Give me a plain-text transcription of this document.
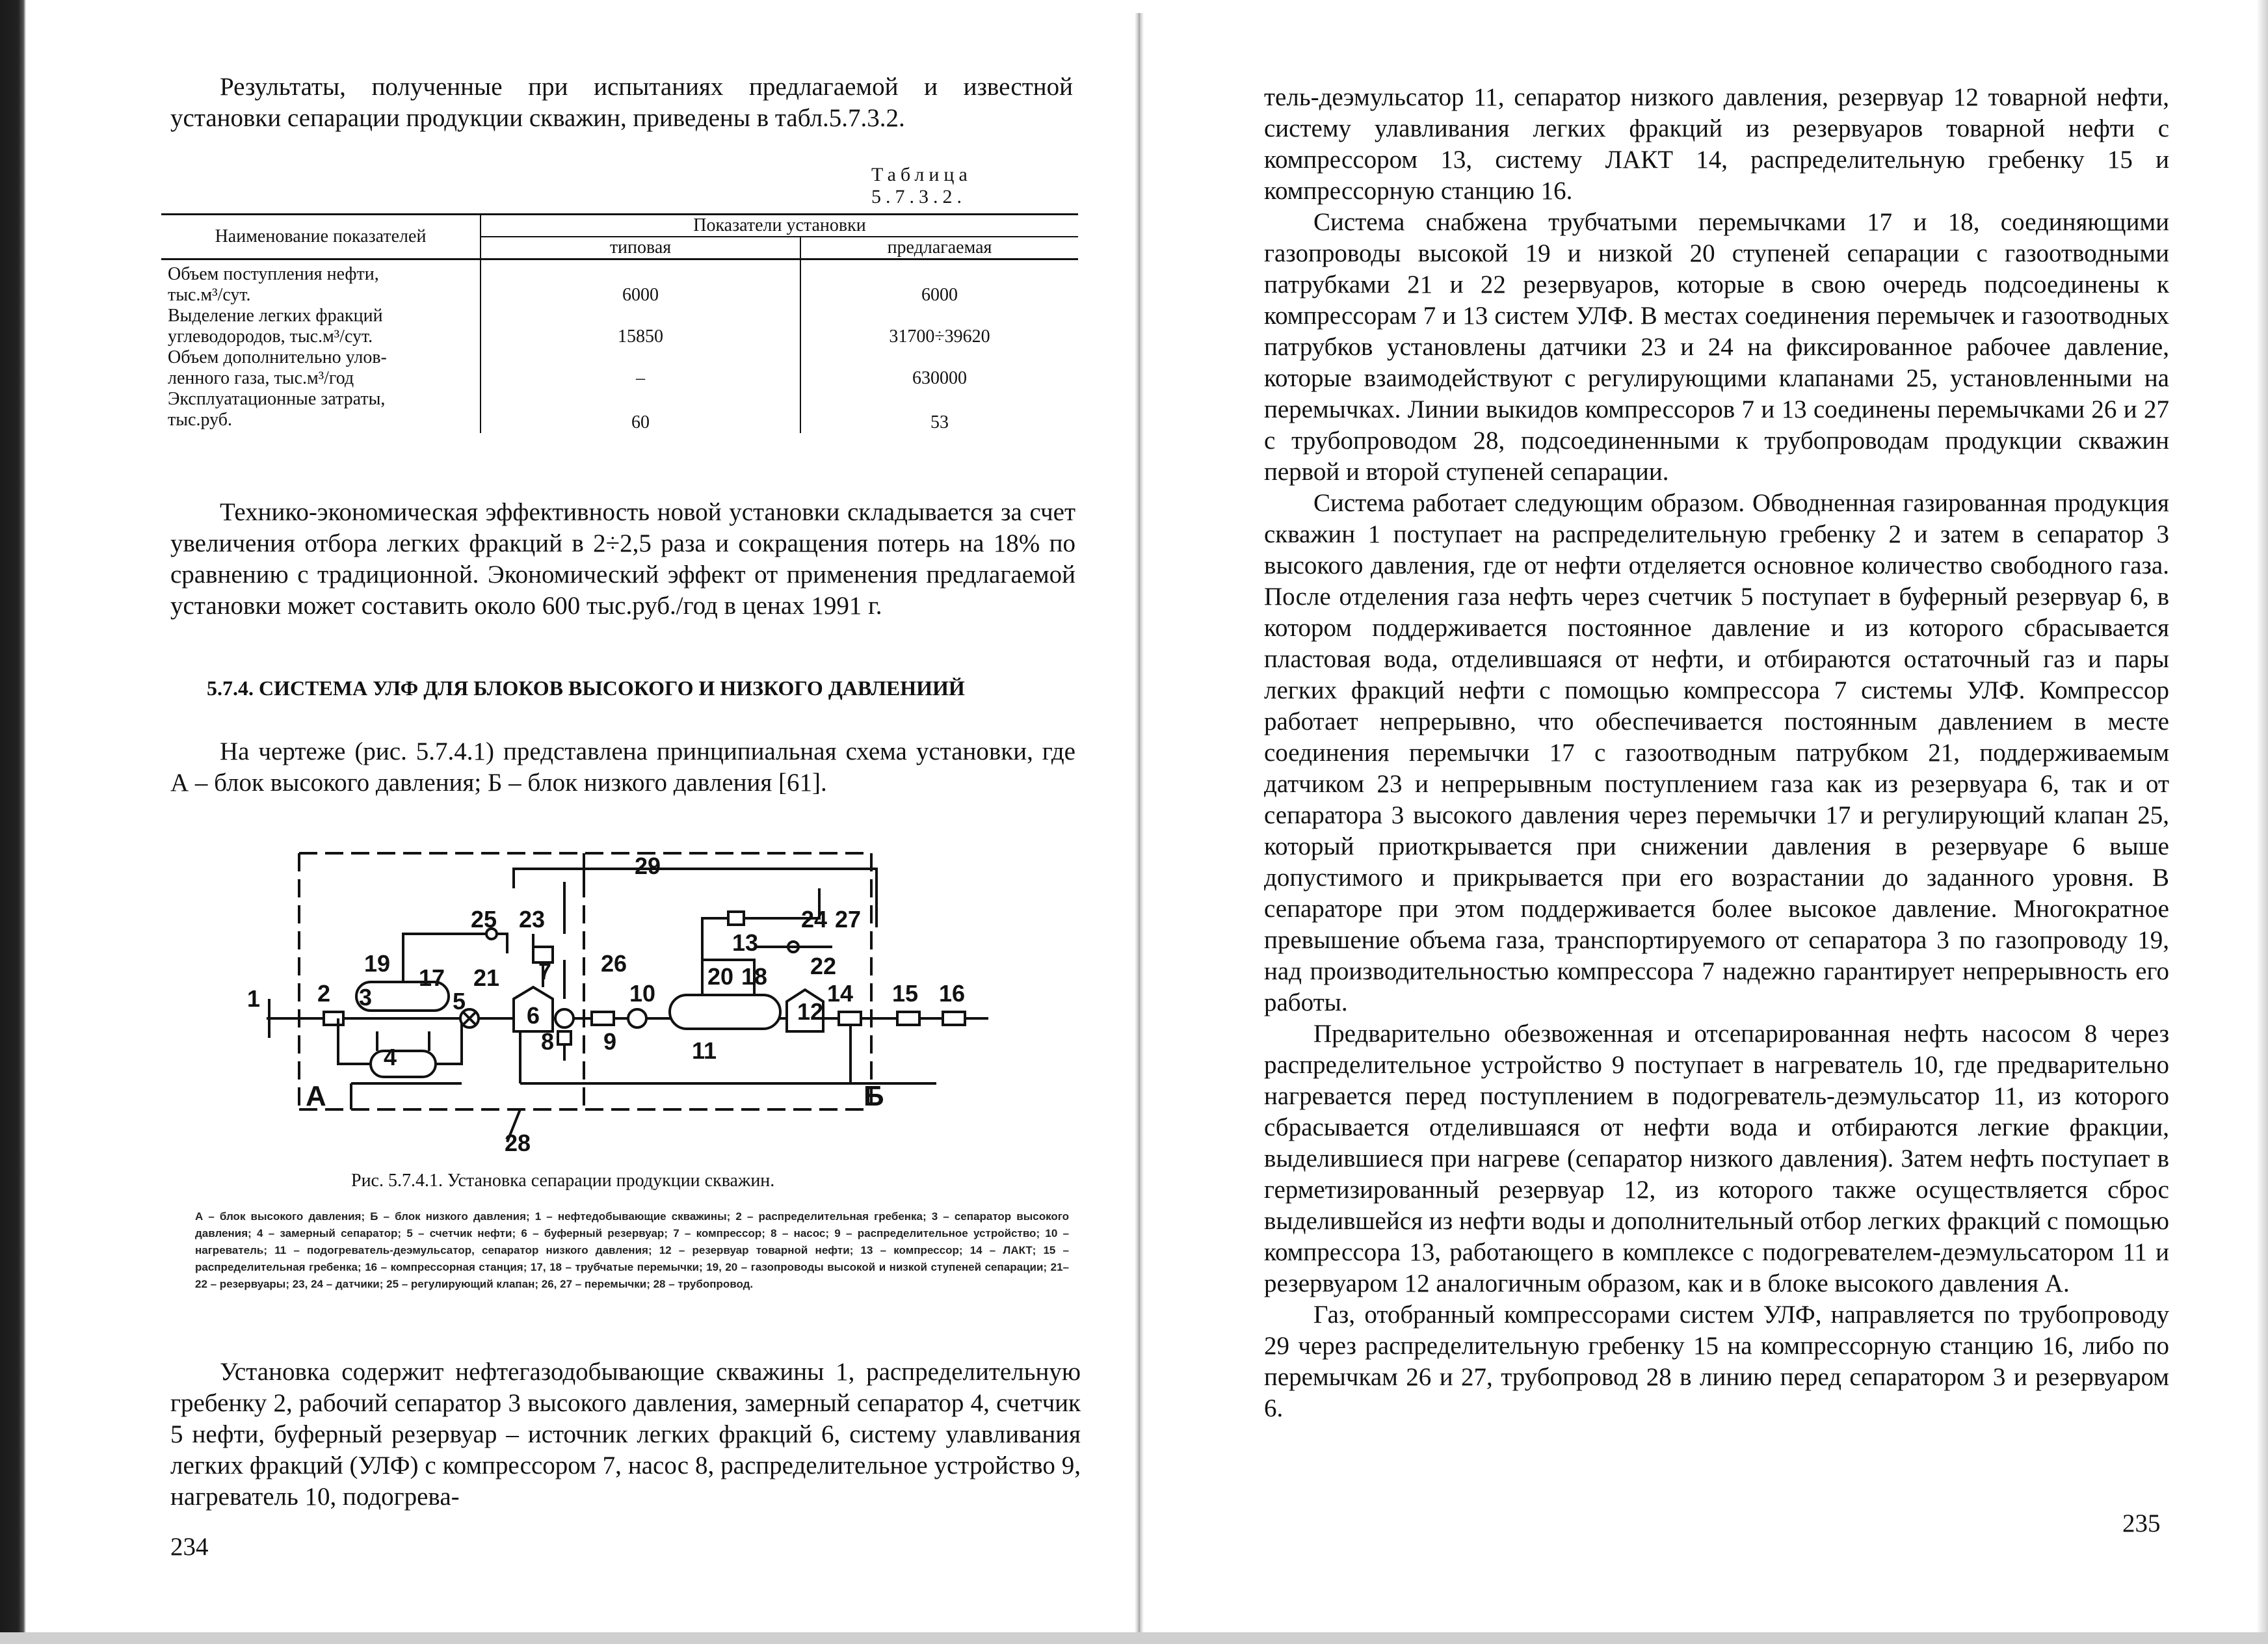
Результаты, полученные при испытаниях предлагаемой и известной установки сепарации продукции скважин, приведены в табл.5.7.3.2.

Таблица 5.7.3.2.
Наименование показателей	Показатели установки	
	типовая	предлагаемая
Объем поступления нефти,
тыс.м³/сут.	6000	6000
Выделение легких фракций
углеводородов, тыс.м³/сут.	15850	31700÷39620
Объем дополнительно улов-
ленного газа, тыс.м³/год	–	630000
Эксплуатационные затраты,
тыс.руб.	60	53

Технико-экономическая эффективность новой установки складывается за счет увеличения отбора легких фракций в 2÷2,5 раза и сокращения потерь на 18% по сравнению с традиционной. Экономический эффект от применения предлагаемой установки может составить около 600 тыс.руб./год в ценах 1991 г.

5.7.4. СИСТЕМА УЛФ ДЛЯ БЛОКОВ ВЫСОКОГО И НИЗКОГО ДАВЛЕНИИЙ

На чертеже (рис. 5.7.4.1) представлена принципиальная схема установки, где А – блок высокого давления; Б – блок низкого давления [61].

1 2 3
4
5
6
7
8 9
10
11
12
13
14 15 16
17	18
19	20
21	22
23	24
25
26
27
28
29
А	Б
Рис. 5.7.4.1. Установка сепарации продукции скважин.
А – блок высокого давления; Б – блок низкого давления; 1 – нефтедобывающие скважины; 2 – распределительная гребенка; 3 – сепаратор высокого давления; 4 – замерный сепаратор; 5 – счетчик нефти; 6 – буферный резервуар; 7 – компрессор; 8 – насос; 9 – распределительное устройство; 10 – нагреватель; 11 – подогреватель-деэмульсатор, сепаратор низкого давления; 12 – резервуар товарной нефти; 13 – компрессор; 14 – ЛАКТ; 15 – распределительная гребенка; 16 – компрессорная станция; 17, 18 – трубчатые перемычки; 19, 20 – газопроводы высокой и низкой ступеней сепарации; 21– 22 – резервуары; 23, 24 – датчики; 25 – регулирующий клапан; 26, 27 – перемычки; 28 – трубопровод.

Установка содержит нефтегазодобывающие скважины 1, распределительную гребенку 2, рабочий сепаратор 3 высокого давления, замерный сепаратор 4, счетчик 5 нефти, буферный резервуар – источник легких фракций 6, систему улавливания легких фракций (УЛФ) с компрессором 7, насос 8, распределительное устройство 9, нагреватель 10, подогрева-

234

тель-деэмульсатор 11, сепаратор низкого давления, резервуар 12 товарной нефти, систему улавливания легких фракций из резервуаров товарной нефти с компрессором 13, систему ЛАКТ 14, распределительную гребенку 15 и компрессорную станцию 16.

Система снабжена трубчатыми перемычками 17 и 18, соединяющими газопроводы высокой 19 и низкой 20 ступеней сепарации с газоотводными патрубками 21 и 22 резервуаров, которые в свою очередь подсоединены к компрессорам 7 и 13 систем УЛФ. В местах соединения перемычек и газоотводных патрубков установлены датчики 23 и 24 на фиксированное рабочее давление, которые взаимодействуют с регулирующими клапанами 25, установленными на перемычках. Линии выкидов компрессоров 7 и 13 соединены перемычками 26 и 27 с трубопроводом 28, подсоединенными к трубопроводам продукции скважин первой и второй ступеней сепарации.

Система работает следующим образом. Обводненная газированная продукция скважин 1 поступает на распределительную гребенку 2 и затем в сепаратор 3 высокого давления, где от нефти отделяется основное количество свободного газа. После отделения газа нефть через счетчик 5 поступает в буферный резервуар 6, в котором поддерживается постоянное давление и из которого сбрасывается пластовая вода, отделившаяся от нефти, и отбираются остаточный газ и пары легких фракций нефти с помощью компрессора 7 системы УЛФ. Компрессор работает непрерывно, что обеспечивается постоянным давлением в месте соединения перемычки 17 с газоотводным патрубком 21, поддерживаемым датчиком 23 и непрерывным поступлением газа как из резервуара 6, так и от сепаратора 3 высокого давления через перемычки 17 и регулирующий клапан 25, который приоткрывается при снижении давления в резервуаре 6 выше допустимого и прикрывается при его возрастании до заданного уровня. В сепараторе при этом поддерживается более высокое давление. Многократное превышение объема газа, транспортируемого от сепаратора 3 по газопроводу 19, над производительностью компрессора 7 надежно гарантирует непрерывность его работы.

Предварительно обезвоженная и отсепарированная нефть насосом 8 через распределительное устройство 9 поступает в нагреватель 10, где предварительно нагревается перед поступлением в подогреватель-деэмульсатор 11, из которого сбрасывается отделившаяся от нефти вода и отбираются легкие фракции, выделившиеся при нагреве (сепаратор низкого давления). Затем нефть поступает в герметизированный резервуар 12, из которого также осуществляется сброс выделившейся из нефти воды и дополнительный отбор легких фракций с помощью компрессора 13, работающего в комплексе с подогревателем-деэмульсатором 11 и резервуаром 12 аналогичным образом, как и в блоке высокого давления А.

Газ, отобранный компрессорами систем УЛФ, направляется по трубопроводу 29 через распределительную гребенку 15 на компрессорную станцию 16, либо по перемычкам 26 и 27, трубопровод 28 в линию перед сепаратором 3 и резервуаром 6.

235
